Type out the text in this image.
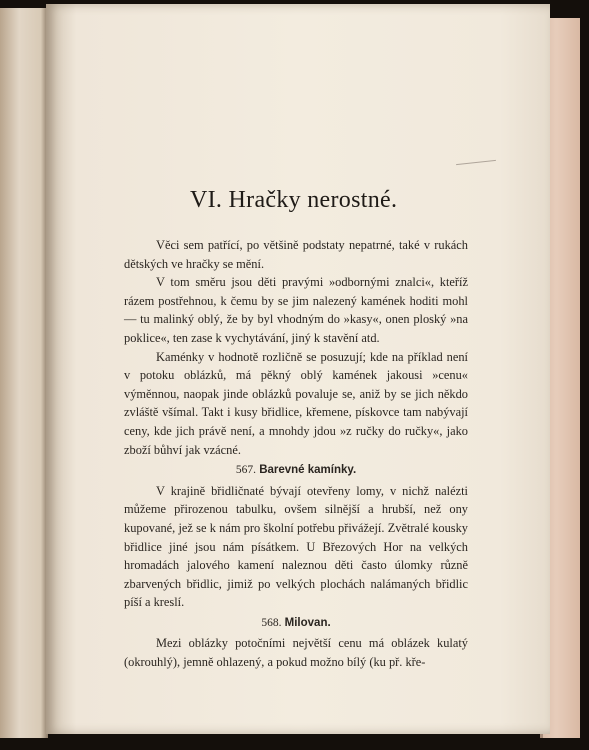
VI. Hračky nerostné.

Věci sem patřící, po většině podstaty nepatrné, také v rukách dětských ve hračky se mění.

V tom směru jsou děti pravými »odbornými znalci«, kteříž rázem postřehnou, k čemu by se jim nalezený kamének hoditi mohl — tu malinký oblý, že by byl vhodným do »kasy«, onen ploský »na poklice«, ten zase k vychytávání, jiný k stavění atd.

Kaménky v hodnotě rozličně se posuzují; kde na příklad není v potoku oblázků, má pěkný oblý kamének jakousi »cenu« výměnnou, naopak jinde oblázků povaluje se, aniž by se jich někdo zvláště všímal. Takt i kusy břidlice, křemene, pískovce tam nabývají ceny, kde jich právě není, a mnohdy jdou »z ručky do ručky«, jako zboží bůhví jak vzácné.

567. Barevné kamínky.

V krajině břidličnaté bývají otevřeny lomy, v nichž nalézti můžeme přirozenou tabulku, ovšem silnější a hrubší, než ony kupované, jež se k nám pro školní potřebu přivážejí. Zvětralé kousky břidlice jiné jsou nám písátkem. U Březových Hor na velkých hromadách jalového kamení naleznou děti často úlomky různě zbarvených břidlic, jimiž po velkých plochách nalámaných břidlic píší a kreslí.

568. Milovan.

Mezi oblázky potočními největší cenu má oblázek kulatý (okrouhlý), jemně ohlazený, a pokud možno bílý (ku př. kře-
